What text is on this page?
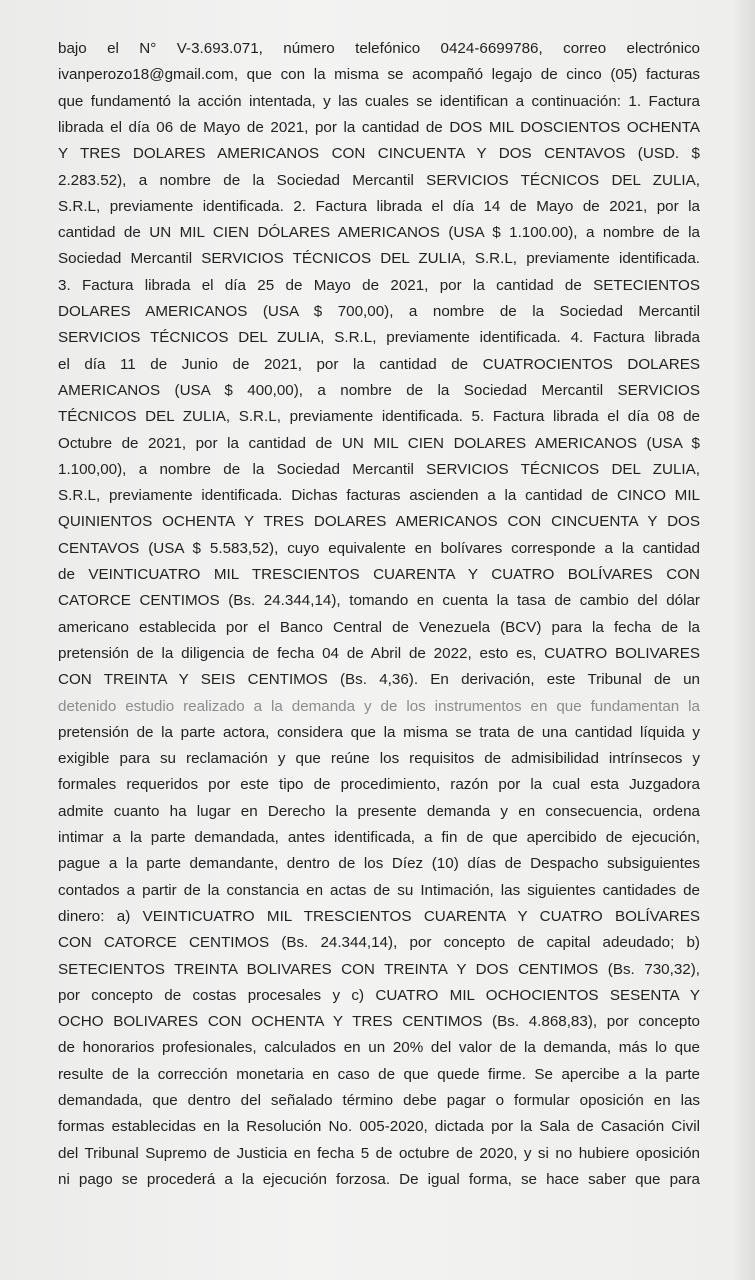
bajo el N° V-3.693.071, número telefónico 0424-6699786, correo electrónico
ivanperozo18@gmail.com, que con la misma se acompañó legajo de cinco (05) facturas
que fundamentó la acción intentada, y las cuales se identifican a continuación: 1. Factura
librada el día 06 de Mayo de 2021, por la cantidad de DOS MIL DOSCIENTOS OCHENTA
Y TRES DOLARES AMERICANOS CON CINCUENTA Y DOS CENTAVOS (USD. $
2.283.52), a nombre de la Sociedad Mercantil SERVICIOS TÉCNICOS DEL ZULIA,
S.R.L, previamente identificada. 2. Factura librada el día 14 de Mayo de 2021, por la
cantidad de UN MIL CIEN DÓLARES AMERICANOS (USA $ 1.100.00), a nombre de la
Sociedad Mercantil SERVICIOS TÉCNICOS DEL ZULIA, S.R.L, previamente identificada.
3. Factura librada el día 25 de Mayo de 2021, por la cantidad de SETECIENTOS
DOLARES AMERICANOS (USA $ 700,00), a nombre de la Sociedad Mercantil
SERVICIOS TÉCNICOS DEL ZULIA, S.R.L, previamente identificada. 4. Factura librada
el día 11 de Junio de 2021, por la cantidad de CUATROCIENTOS DOLARES
AMERICANOS (USA $ 400,00), a nombre de la Sociedad Mercantil SERVICIOS
TÉCNICOS DEL ZULIA, S.R.L, previamente identificada. 5. Factura librada el día 08 de
Octubre de 2021, por la cantidad de UN MIL CIEN DOLARES AMERICANOS (USA $
1.100,00), a nombre de la Sociedad Mercantil SERVICIOS TÉCNICOS DEL ZULIA,
S.R.L, previamente identificada. Dichas facturas ascienden a la cantidad de CINCO MIL
QUINIENTOS OCHENTA Y TRES DOLARES AMERICANOS CON CINCUENTA Y DOS
CENTAVOS (USA $ 5.583,52), cuyo equivalente en bolívares corresponde a la cantidad
de VEINTICUATRO MIL TRESCIENTOS CUARENTA Y CUATRO BOLÍVARES CON
CATORCE CENTIMOS (Bs. 24.344,14), tomando en cuenta la tasa de cambio del dólar
americano establecida por el Banco Central de Venezuela (BCV) para la fecha de la
pretensión de la diligencia de fecha 04 de Abril de 2022, esto es, CUATRO BOLIVARES
CON TREINTA Y SEIS CENTIMOS (Bs. 4,36). En derivación, este Tribunal de un
detenido estudio realizado a la demanda y de los instrumentos en que fundamentan la
pretensión de la parte actora, considera que la misma se trata de una cantidad líquida y
exigible para su reclamación y que reúne los requisitos de admisibilidad intrínsecos y
formales requeridos por este tipo de procedimiento, razón por la cual esta Juzgadora
admite cuanto ha lugar en Derecho la presente demanda y en consecuencia, ordena
intimar a la parte demandada, antes identificada, a fin de que apercibido de ejecución,
pague a la parte demandante, dentro de los Díez (10) días de Despacho subsiguientes
contados a partir de la constancia en actas de su Intimación, las siguientes cantidades de
dinero: a) VEINTICUATRO MIL TRESCIENTOS CUARENTA Y CUATRO BOLÍVARES
CON CATORCE CENTIMOS (Bs. 24.344,14), por concepto de capital adeudado; b)
SETECIENTOS TREINTA BOLIVARES CON TREINTA Y DOS CENTIMOS (Bs. 730,32),
por concepto de costas procesales y c) CUATRO MIL OCHOCIENTOS SESENTA Y
OCHO BOLIVARES CON OCHENTA Y TRES CENTIMOS (Bs. 4.868,83), por concepto
de honorarios profesionales, calculados en un 20% del valor de la demanda, más lo que
resulte de la corrección monetaria en caso de que quede firme. Se apercibe a la parte
demandada, que dentro del señalado término debe pagar o formular oposición en las
formas establecidas en la Resolución No. 005-2020, dictada por la Sala de Casación Civil
del Tribunal Supremo de Justicia en fecha 5 de octubre de 2020, y si no hubiere oposición
ni pago se procederá a la ejecución forzosa. De igual forma, se hace saber que para
